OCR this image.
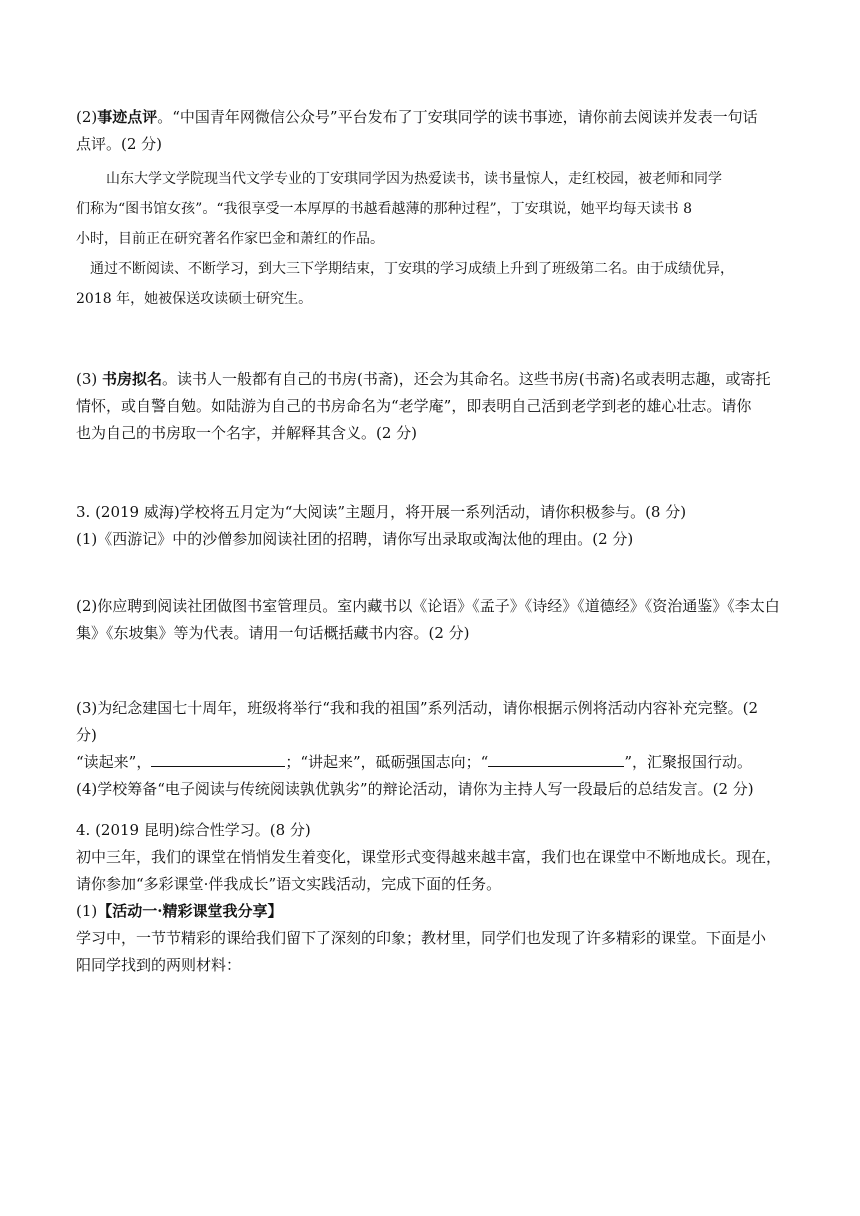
(2)事迹点评。“中国青年网微信公众号”平台发布了丁安琪同学的读书事迹，请你前去阅读并发表一句话

点评。(2 分)

山东大学文学院现当代文学专业的丁安琪同学因为热爱读书，读书量惊人，走红校园，被老师和同学

们称为“图书馆女孩”。“我很享受一本厚厚的书越看越薄的那种过程”，丁安琪说，她平均每天读书 8

小时，目前正在研究著名作家巴金和萧红的作品。

通过不断阅读、不断学习，到大三下学期结束，丁安琪的学习成绩上升到了班级第二名。由于成绩优异，

2018 年，她被保送攻读硕士研究生。

(3) 书房拟名。读书人一般都有自己的书房(书斋)，还会为其命名。这些书房(书斋)名或表明志趣，或寄托

情怀，或自警自勉。如陆游为自己的书房命名为“老学庵”，即表明自己活到老学到老的雄心壮志。请你

也为自己的书房取一个名字，并解释其含义。(2 分)

3. (2019 威海)学校将五月定为“大阅读”主题月，将开展一系列活动，请你积极参与。(8 分)

(1)《西游记》中的沙僧参加阅读社团的招聘，请你写出录取或淘汰他的理由。(2 分)

(2)你应聘到阅读社团做图书室管理员。室内藏书以《论语》《孟子》《诗经》《道德经》《资治通鉴》《李太白

集》《东坡集》等为代表。请用一句话概括藏书内容。(2 分)

(3)为纪念建国七十周年，班级将举行“我和我的祖国”系列活动，请你根据示例将活动内容补充完整。(2

分)

“读起来”，	；“讲起来”，砥砺强国志向；“	”，汇聚报国行动。

(4)学校筹备“电子阅读与传统阅读孰优孰劣”的辩论活动，请你为主持人写一段最后的总结发言。(2 分)

4. (2019 昆明)综合性学习。(8 分)

初中三年，我们的课堂在悄悄发生着变化，课堂形式变得越来越丰富，我们也在课堂中不断地成长。现在，

请你参加“多彩课堂·伴我成长”语文实践活动，完成下面的任务。

(1)【活动一·精彩课堂我分享】

学习中，一节节精彩的课给我们留下了深刻的印象；教材里，同学们也发现了许多精彩的课堂。下面是小

阳同学找到的两则材料：
